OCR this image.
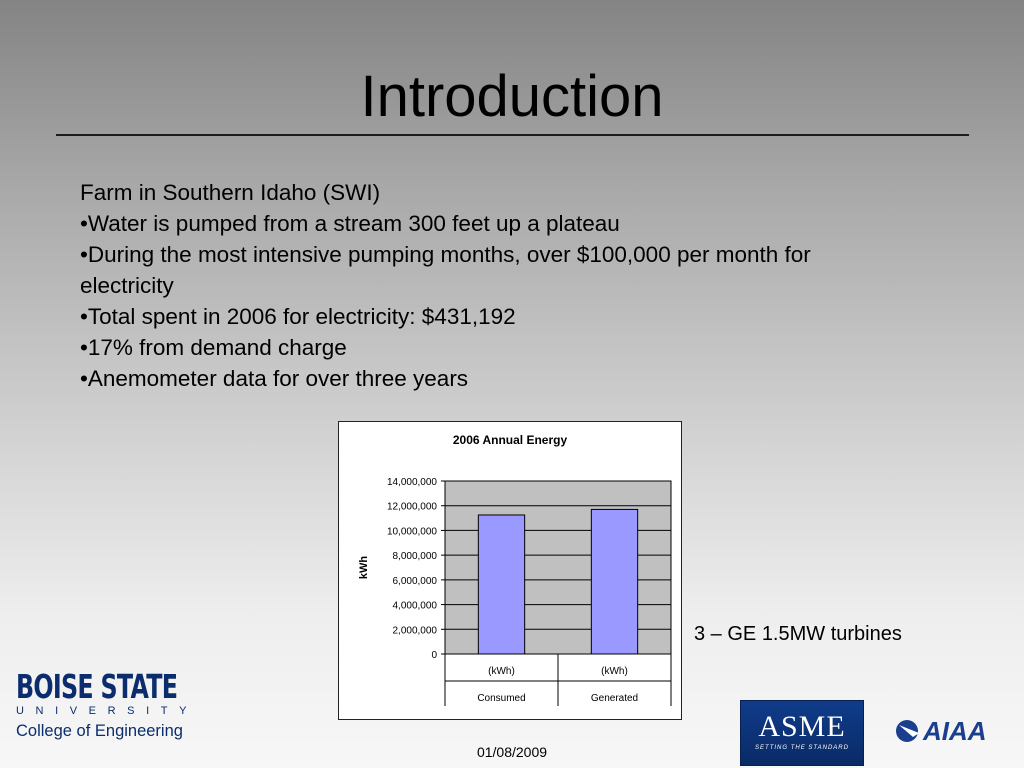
Introduction
Farm in Southern Idaho (SWI)
•Water is pumped from a stream 300 feet up a plateau
•During the most intensive pumping months, over $100,000 per month for electricity
•Total spent in 2006 for electricity: $431,192
•17% from demand charge
•Anemometer data for over three years
2006 Annual Energy
0
2,000,000
4,000,000
6,000,000
8,000,000
10,000,000
12,000,000
14,000,000
kWh
(kWh)
Consumed
(kWh)
Generated
3 – GE 1.5MW turbines
01/08/2009
BOISE STATE
UNIVERSITY
College of Engineering	ASME
SETTING THE STANDARD
AIAA
